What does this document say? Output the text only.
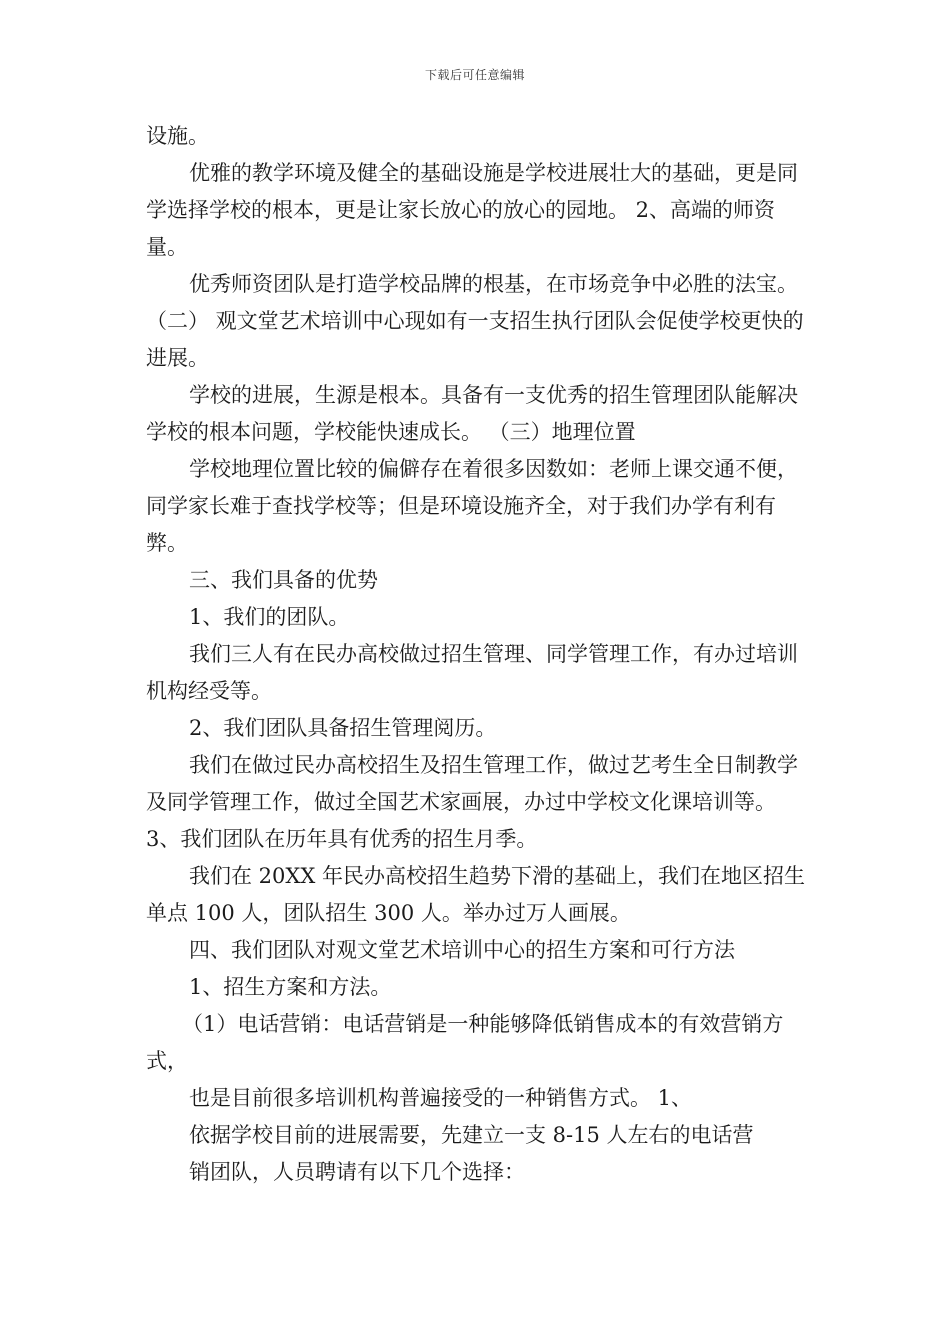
下载后可任意编辑

设施。

优雅的教学环境及健全的基础设施是学校进展壮大的基础，更是同学选择学校的根本，更是让家长放心的放心的园地。 2、高端的师资量。

优秀师资团队是打造学校品牌的根基，在市场竞争中必胜的法宝。 （二） 观文堂艺术培训中心现如有一支招生执行团队会促使学校更快的进展。

学校的进展，生源是根本。具备有一支优秀的招生管理团队能解决学校的根本问题，学校能快速成长。 （三）地理位置

学校地理位置比较的偏僻存在着很多因数如：老师上课交通不便，同学家长难于查找学校等；但是环境设施齐全，对于我们办学有利有弊。

三、我们具备的优势

1、我们的团队。

我们三人有在民办高校做过招生管理、同学管理工作，有办过培训机构经受等。

2、我们团队具备招生管理阅历。

我们在做过民办高校招生及招生管理工作，做过艺考生全日制教学及同学管理工作，做过全国艺术家画展，办过中学校文化课培训等。 3、我们团队在历年具有优秀的招生月季。

我们在 20XX 年民办高校招生趋势下滑的基础上，我们在地区招生单点 100 人，团队招生 300 人。举办过万人画展。

四、我们团队对观文堂艺术培训中心的招生方案和可行方法

1、招生方案和方法。

（1）电话营销：电话营销是一种能够降低销售成本的有效营销方式，

也是目前很多培训机构普遍接受的一种销售方式。 1、

依据学校目前的进展需要，先建立一支 8-15 人左右的电话营

销团队，人员聘请有以下几个选择：
